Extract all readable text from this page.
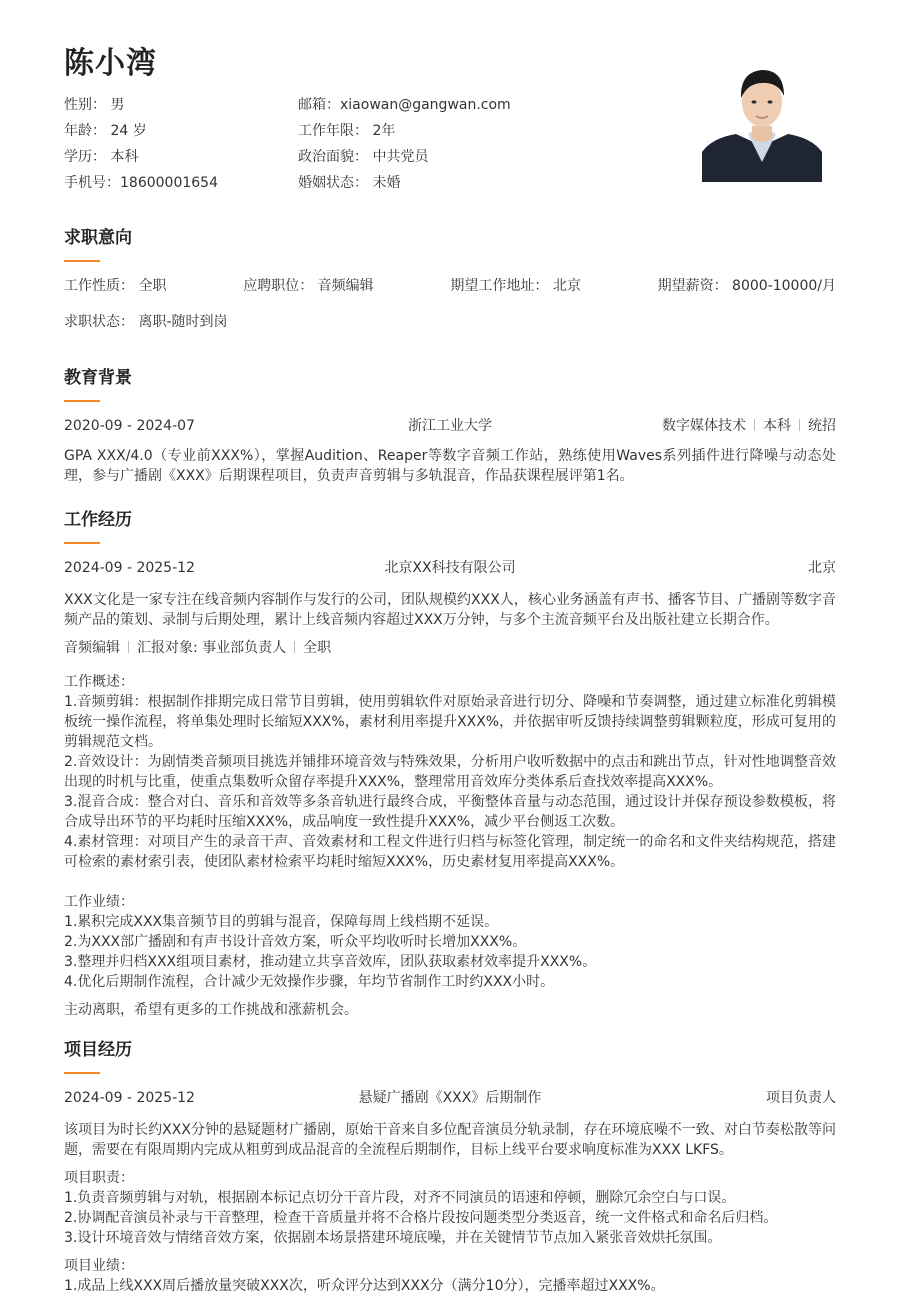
陈小湾
性别： 男	邮箱：xiaowan@gangwan.com
年龄： 24 岁	工作年限： 2年
学历： 本科	政治面貌： 中共党员
手机号：18600001654	婚姻状态： 未婚
求职意向
工作性质： 全职	应聘职位： 音频编辑	期望工作地址： 北京	期望薪资： 8000-10000/月
求职状态： 离职-随时到岗
教育背景
2020-09 - 2024-07	浙江工业大学	数字媒体技术 本科 统招
GPA XXX/4.0（专业前XXX%），掌握Audition、Reaper等数字音频工作站，熟练使用Waves系列插件进行降噪与动态处理，参与广播剧《XXX》后期课程项目，负责声音剪辑与多轨混音，作品获课程展评第1名。
工作经历
2024-09 - 2025-12	北京XX科技有限公司	北京
XXX文化是一家专注在线音频内容制作与发行的公司，团队规模约XXX人，核心业务涵盖有声书、播客节目、广播剧等数字音频产品的策划、录制与后期处理，累计上线音频内容超过XXX万分钟，与多个主流音频平台及出版社建立长期合作。
音频编辑 汇报对象: 事业部负责人 全职
工作概述：
1.音频剪辑：根据制作排期完成日常节目剪辑，使用剪辑软件对原始录音进行切分、降噪和节奏调整，通过建立标准化剪辑模板统一操作流程，将单集处理时长缩短XXX%，素材利用率提升XXX%，并依据审听反馈持续调整剪辑颗粒度，形成可复用的剪辑规范文档。
2.音效设计：为剧情类音频项目挑选并铺排环境音效与特殊效果，分析用户收听数据中的点击和跳出节点，针对性地调整音效出现的时机与比重，使重点集数听众留存率提升XXX%，整理常用音效库分类体系后查找效率提高XXX%。
3.混音合成：整合对白、音乐和音效等多条音轨进行最终合成，平衡整体音量与动态范围，通过设计并保存预设参数模板，将合成导出环节的平均耗时压缩XXX%，成品响度一致性提升XXX%，减少平台侧返工次数。
4.素材管理：对项目产生的录音干声、音效素材和工程文件进行归档与标签化管理，制定统一的命名和文件夹结构规范，搭建可检索的素材索引表，使团队素材检索平均耗时缩短XXX%，历史素材复用率提高XXX%。
工作业绩：
1.累积完成XXX集音频节目的剪辑与混音，保障每周上线档期不延误。
2.为XXX部广播剧和有声书设计音效方案，听众平均收听时长增加XXX%。
3.整理并归档XXX组项目素材，推动建立共享音效库，团队获取素材效率提升XXX%。
4.优化后期制作流程，合计减少无效操作步骤，年均节省制作工时约XXX小时。
主动离职，希望有更多的工作挑战和涨薪机会。
项目经历
2024-09 - 2025-12	悬疑广播剧《XXX》后期制作	项目负责人
该项目为时长约XXX分钟的悬疑题材广播剧，原始干音来自多位配音演员分轨录制，存在环境底噪不一致、对白节奏松散等问题，需要在有限周期内完成从粗剪到成品混音的全流程后期制作，目标上线平台要求响度标准为XXX LKFS。
项目职责：
1.负责音频剪辑与对轨，根据剧本标记点切分干音片段，对齐不同演员的语速和停顿，删除冗余空白与口误。
2.协调配音演员补录与干音整理，检查干音质量并将不合格片段按问题类型分类返音，统一文件格式和命名后归档。
3.设计环境音效与情绪音效方案，依据剧本场景搭建环境底噪，并在关键情节节点加入紧张音效烘托氛围。
项目业绩：
1.成品上线XXX周后播放量突破XXX次，听众评分达到XXX分（满分10分），完播率超过XXX%。
